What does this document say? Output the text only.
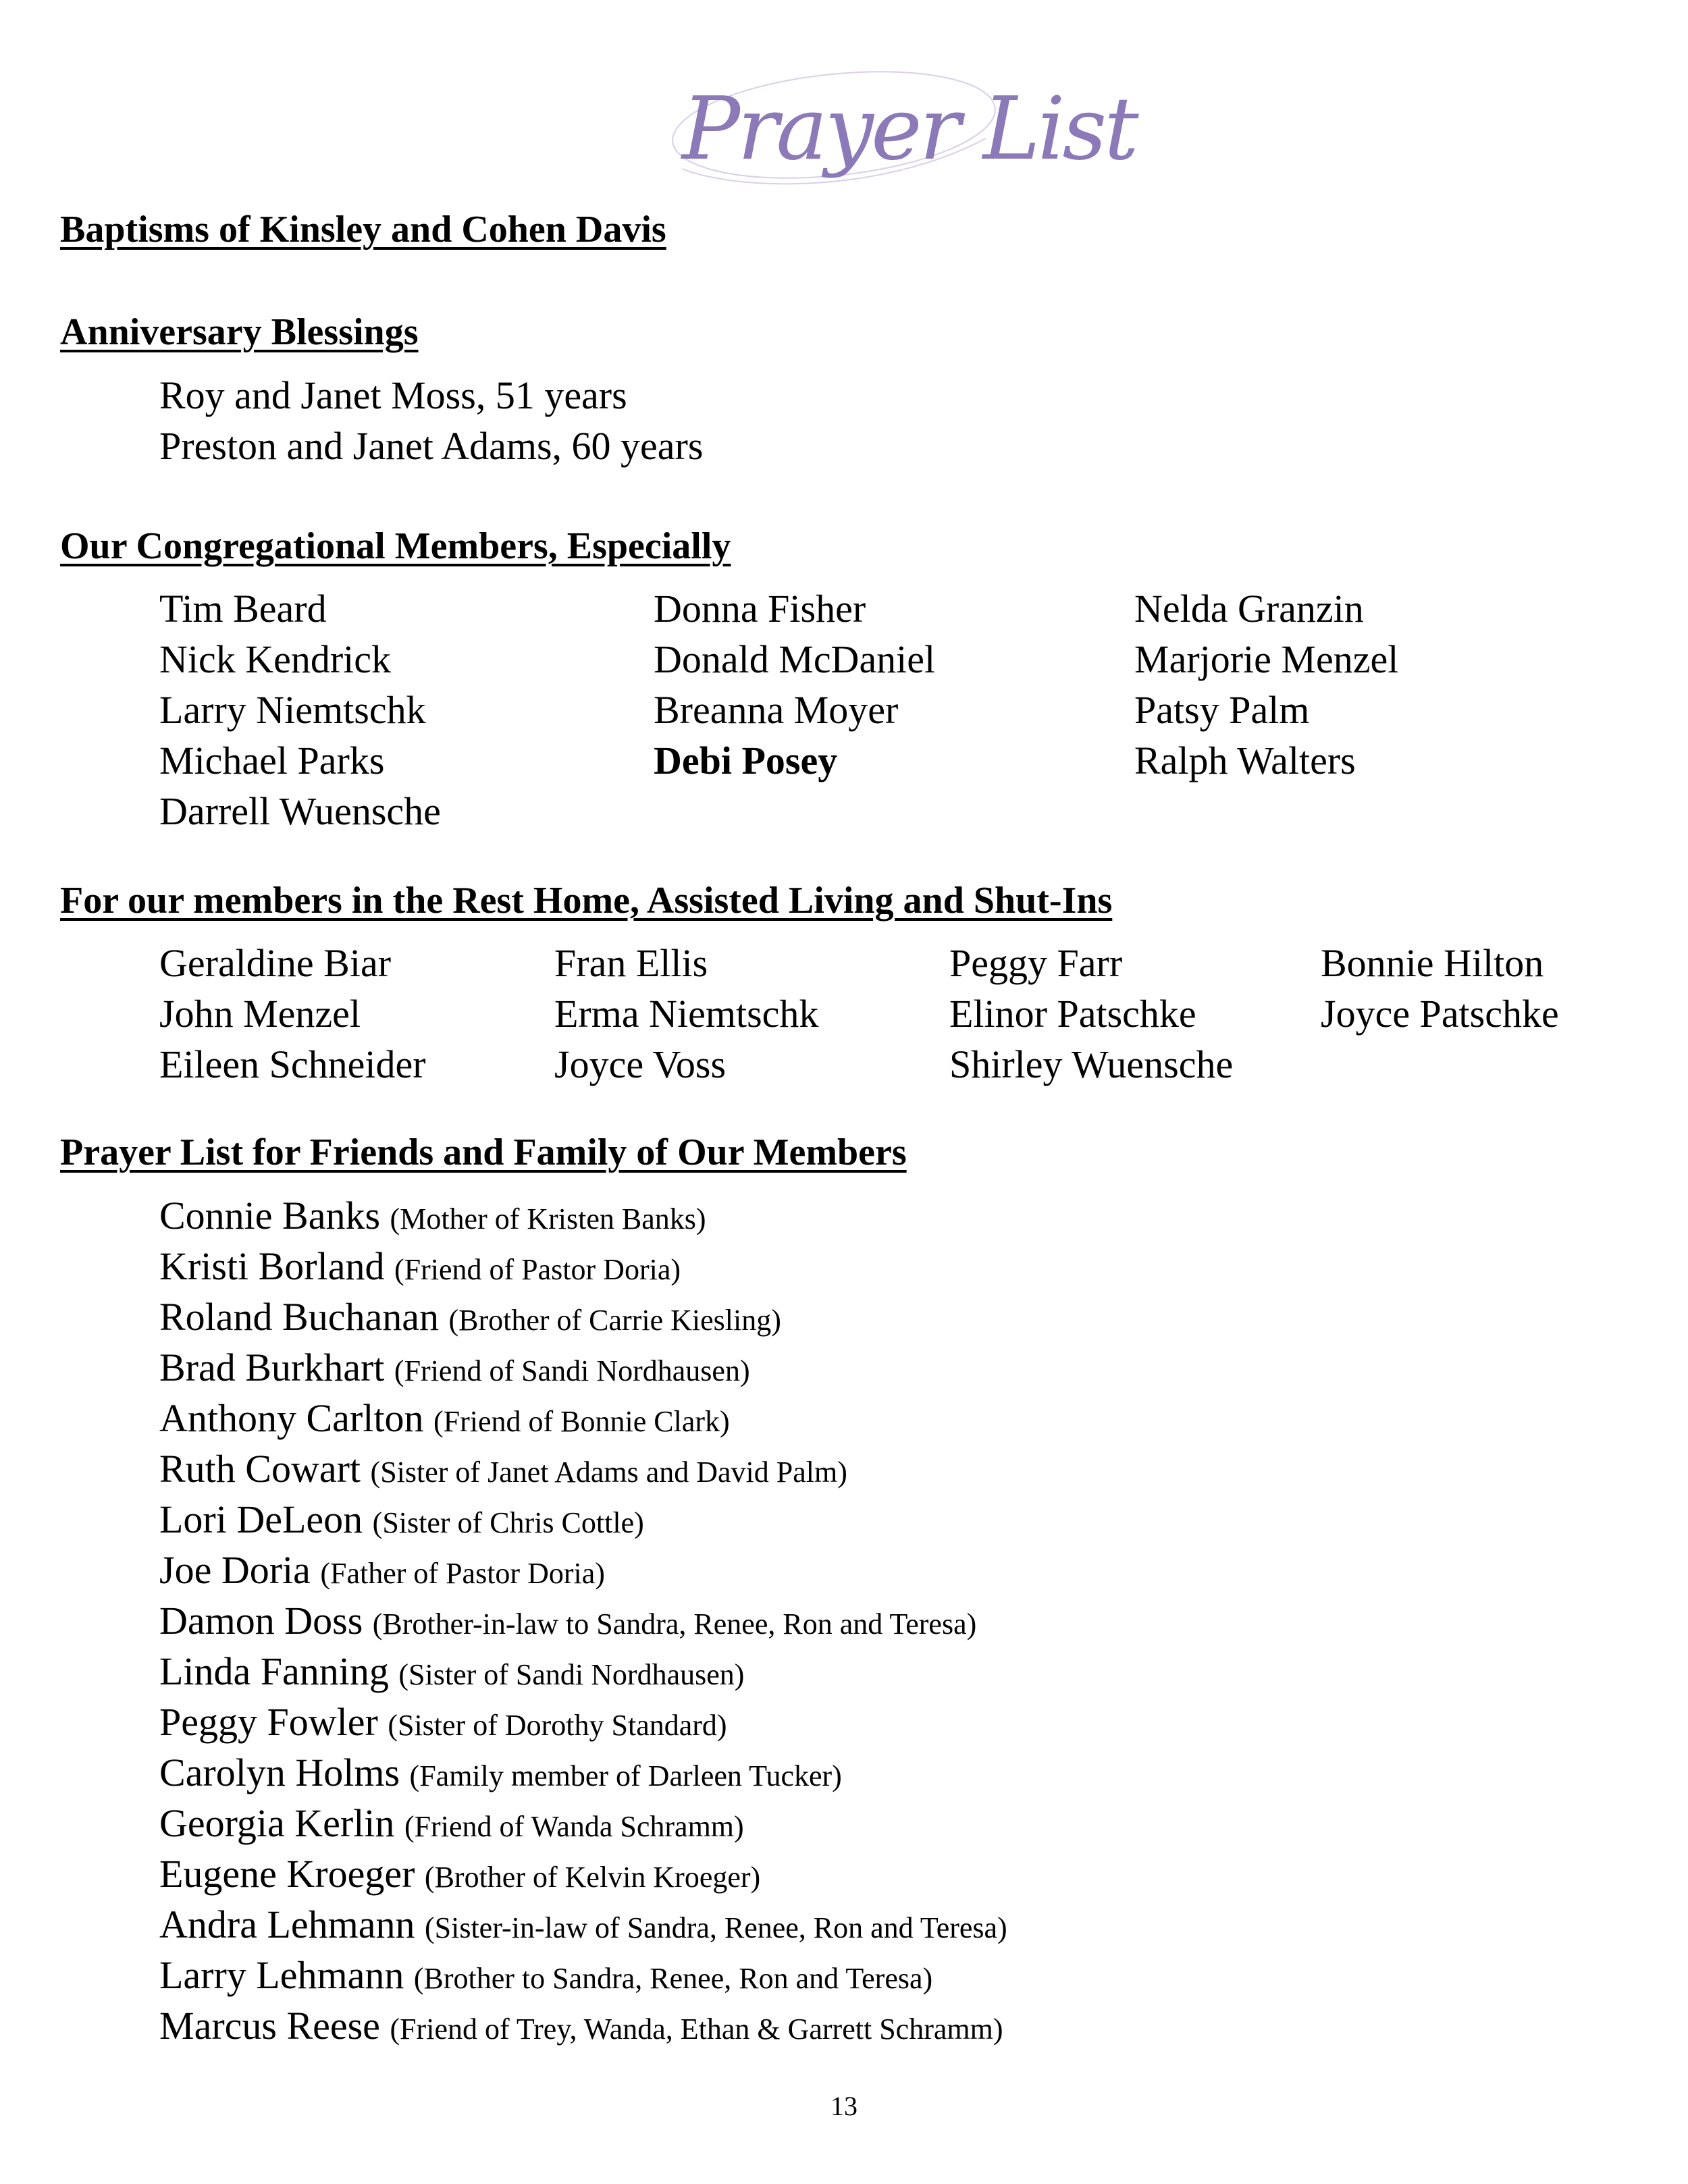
Prayer List
Baptisms of Kinsley and Cohen Davis
Anniversary Blessings
Roy and Janet Moss, 51 years
Preston and Janet Adams, 60 years
Our Congregational Members, Especially
Tim Beard	Donna Fisher	Nelda Granzin
Nick Kendrick	Donald McDaniel	Marjorie Menzel
Larry Niemtschk	Breanna Moyer	Patsy Palm
Michael Parks	Debi Posey	Ralph Walters
Darrell Wuensche
For our members in the Rest Home, Assisted Living and Shut-Ins
Geraldine Biar	Fran Ellis	Peggy Farr	Bonnie Hilton
John Menzel	Erma Niemtschk	Elinor Patschke	Joyce Patschke
Eileen Schneider	Joyce Voss	Shirley Wuensche
Prayer List for Friends and Family of Our Members
Connie Banks (Mother of Kristen Banks)
Kristi Borland (Friend of Pastor Doria)
Roland Buchanan (Brother of Carrie Kiesling)
Brad Burkhart (Friend of Sandi Nordhausen)
Anthony Carlton (Friend of Bonnie Clark)
Ruth Cowart (Sister of Janet Adams and David Palm)
Lori DeLeon (Sister of Chris Cottle)
Joe Doria (Father of Pastor Doria)
Damon Doss (Brother-in-law to Sandra, Renee, Ron and Teresa)
Linda Fanning (Sister of Sandi Nordhausen)
Peggy Fowler (Sister of Dorothy Standard)
Carolyn Holms (Family member of Darleen Tucker)
Georgia Kerlin (Friend of Wanda Schramm)
Eugene Kroeger (Brother of Kelvin Kroeger)
Andra Lehmann (Sister-in-law of Sandra, Renee, Ron and Teresa)
Larry Lehmann (Brother to Sandra, Renee, Ron and Teresa)
Marcus Reese (Friend of Trey, Wanda, Ethan & Garrett Schramm)
13
